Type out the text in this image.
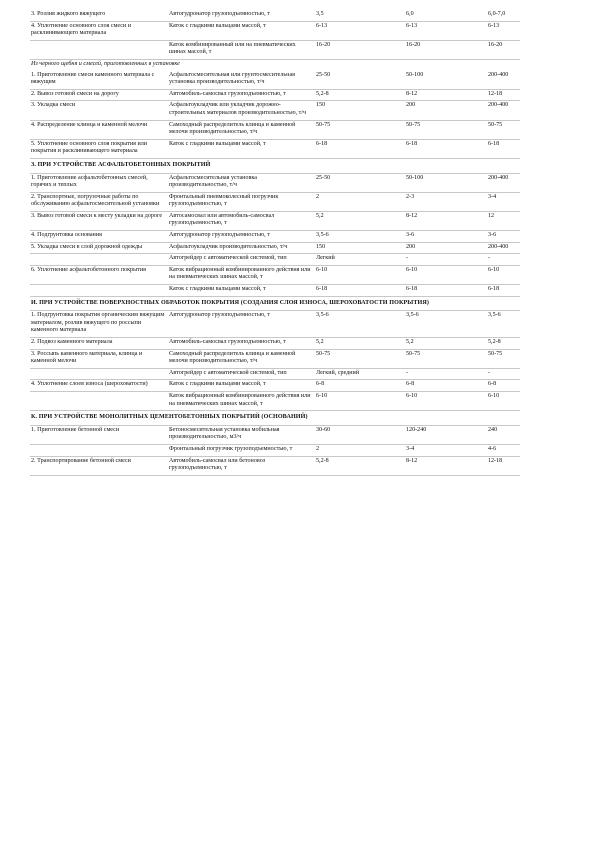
3. Розлив жидкого вяжущего	Автогудронатор грузоподъемностью, т	3,5	6,0	6,0-7,0
4. Уплотнение основного слоя смеси и расклинивающего материала	Каток с гладкими вальцами массой, т	6-13	6-13	6-13
	Каток комбинированный или на пневматических шинах массой, т	16-20	16-20	16-20
Из черного щебня и смесей, приготовленных в установке				
1. Приготовление смеси каменного материала с вяжущим	Асфальтосмесительная или грунтосмесительная установка производительностью, т/ч	25-50	50-100	200-400
2. Вывоз готовой смеси на дорогу	Автомобиль-самосвал грузоподъемностью, т	5,2-8	8-12	12-18
3. Укладка смеси	Асфальтоукладчик или укладчик дорожно-строительных материалов производительностью, т/ч	150	200	200-400
4. Распределение клинца и каменной мелочи	Самоходный распределитель клинца и каменной мелочи производительностью, т/ч	50-75	50-75	50-75
5. Уплотнение основного слоя покрытия или покрытия и расклинивающего материала	Каток с гладкими вальцами массой, т	6-18	6-18	6-18
З. ПРИ УСТРОЙСТВЕ АСФАЛЬТОБЕТОННЫХ ПОКРЫТИЙ				
1. Приготовление асфальтобетонных смесей, горячих и теплых	Асфальтосмесительная установка производительностью, т/ч	25-50	50-100	200-400
2. Транспортные, погрузочные работы по обслуживанию асфальтосмесительной установки	Фронтальный пневмоколесный погрузчик грузоподъемностью, т	2	2-3	3-4
3. Вывоз готовой смеси к месту укладки на дороге	Автосамосвал или автомобиль-самосвал грузоподъемностью, т	5,2	8-12	12
4. Подгрунтовка основания	Автогудронатор грузоподъемностью, т	3,5-6	3-6	3-6
5. Укладка смеси в слой дорожной одежды	Асфальтоукладчик производительностью, т/ч	150	200	200-400
	Автогрейдер с автоматической системой, тип	Легкий	-	-
6. Уплотнение асфальтобетонного покрытия	Каток вибрационный комбинированного действия или на пневматических шинах массой, т	6-10	6-10	6-10
	Каток с гладкими вальцами массой, т	6-18	6-18	6-18
И. ПРИ УСТРОЙСТВЕ ПОВЕРХНОСТНЫХ ОБРАБОТОК ПОКРЫТИЯ (СОЗДАНИЯ СЛОЯ ИЗНОСА, ШЕРОХОВАТОСТИ ПОКРЫТИЯ)				
1. Подгрунтовка покрытия органическим вяжущим материалом, розлив вяжущего по россыпи каменного материала	Автогудронатор грузоподъемностью, т	3,5-6	3,5-6	3,5-6
2. Подвоз каменного материала	Автомобиль-самосвал грузоподъемностью, т	5,2	5,2	5,2-8
3. Россыпь каменного материала, клинца и каменной мелочи	Самоходный распределитель клинца и каменной мелочи производительностью, т/ч	50-75	50-75	50-75
	Автогрейдер с автоматической системой, тип	Легкий, средний	-	-
4. Уплотнение слоев износа (шероховатости)	Каток с гладкими вальцами массой, т	6-8	6-8	6-8
	Каток вибрационный комбинированного действия или на пневматических шинах массой, т	6-10	6-10	6-10
К. ПРИ УСТРОЙСТВЕ МОНОЛИТНЫХ ЦЕМЕНТОБЕТОННЫХ ПОКРЫТИЙ (ОСНОВАНИЙ)				
1. Приготовление бетонной смеси	Бетоносмесительная установка мобильная производительностью, м3/ч	30-60	120-240	240
	Фронтальный погрузчик грузоподъемностью, т	2	3-4	4-6
2. Транспортирование бетонной смеси	Автомобиль-самосвал или бетоновоз грузоподъемностью, т	5,2-8	8-12	12-18
